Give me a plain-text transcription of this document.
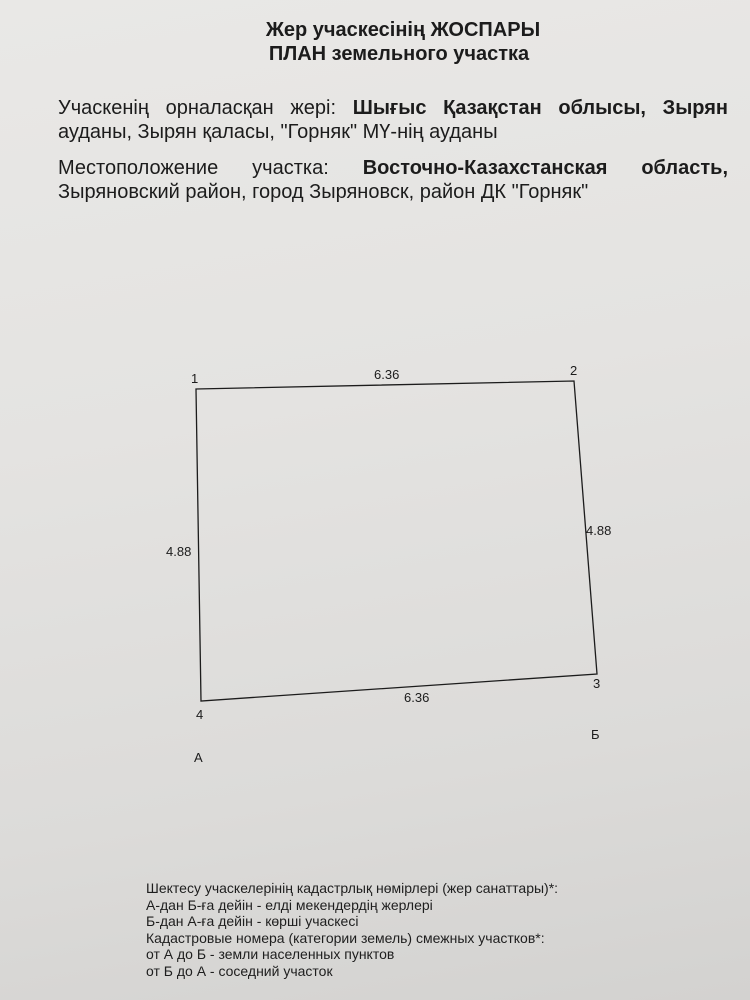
Жер учаскесінің ЖОСПАРЫ
ПЛАН земельного участка
Учаскенің орналасқан жері: Шығыс Қазақстан облысы, Зырян
ауданы, Зырян қаласы, "Горняк" МҮ-нің ауданы
Местоположение участка: Восточно-Казахстанская область,
Зыряновский район, город Зыряновск, район ДК "Горняк"
1
2
3
4
6.36
4.88
6.36
4.88
А
Б
Шектесу учаскелерінің кадастрлық нөмірлері (жер санаттары)*:
А-дан Б-ға дейін - елді мекендердің жерлері
Б-дан А-ға дейін - көрші учаскесі
Кадастровые номера (категории земель) смежных участков*:
от А до Б - земли населенных пунктов
от Б до А - соседний участок
